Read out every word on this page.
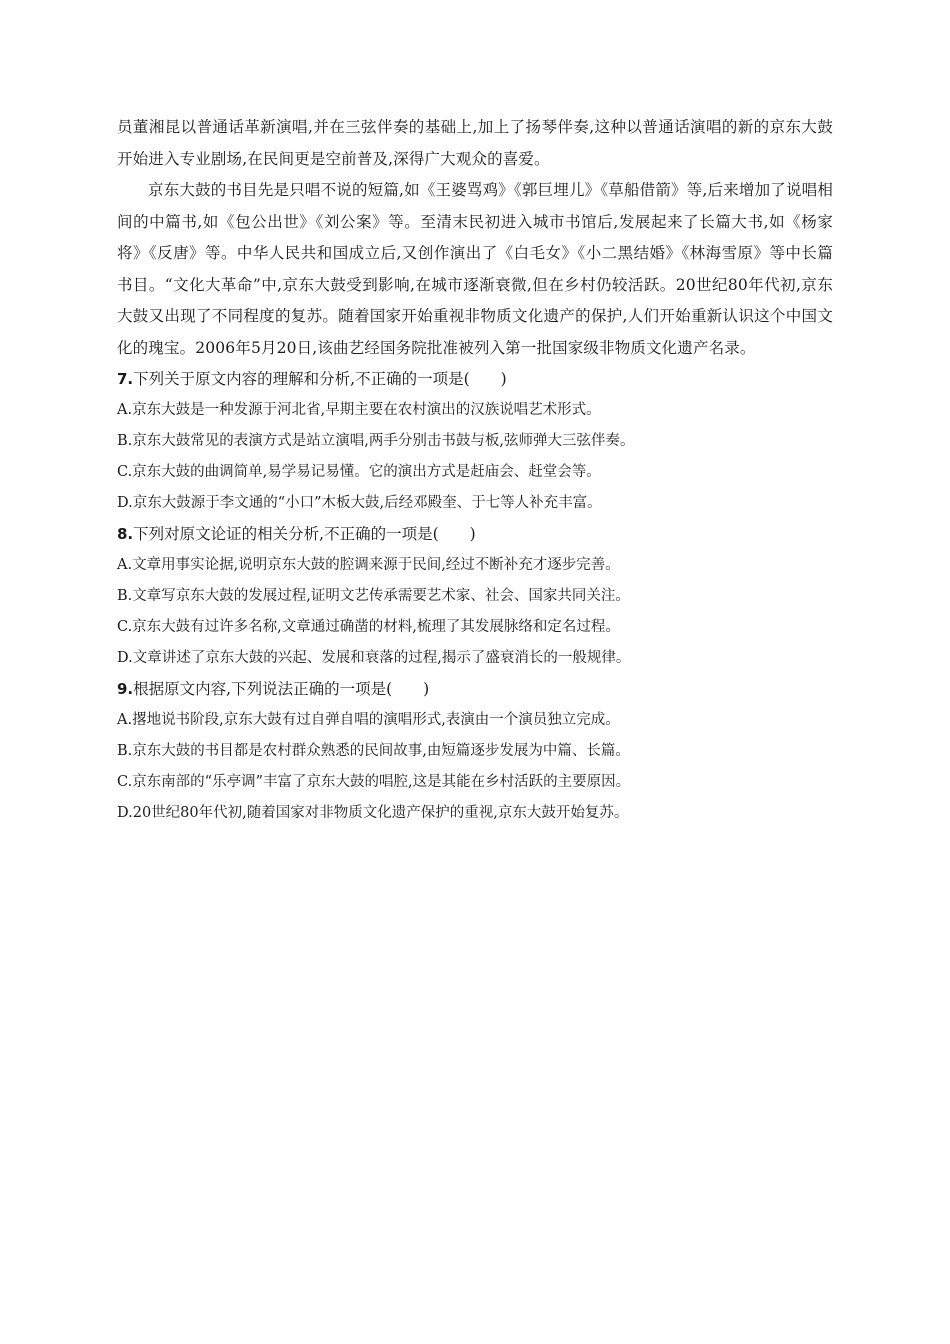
员董湘昆以普通话革新演唱,并在三弦伴奏的基础上,加上了扬琴伴奏,这种以普通话演唱的新的京东大鼓开始进入专业剧场,在民间更是空前普及,深得广大观众的喜爱。

京东大鼓的书目先是只唱不说的短篇,如《王婆骂鸡》《郭巨埋儿》《草船借箭》等,后来增加了说唱相间的中篇书,如《包公出世》《刘公案》等。至清末民初进入城市书馆后,发展起来了长篇大书,如《杨家将》《反唐》等。中华人民共和国成立后,又创作演出了《白毛女》《小二黑结婚》《林海雪原》等中长篇书目。“文化大革命”中,京东大鼓受到影响,在城市逐渐衰微,但在乡村仍较活跃。20世纪80年代初,京东大鼓又出现了不同程度的复苏。随着国家开始重视非物质文化遗产的保护,人们开始重新认识这个中国文化的瑰宝。2006年5月20日,该曲艺经国务院批准被列入第一批国家级非物质文化遗产名录。

7.下列关于原文内容的理解和分析,不正确的一项是(　　)

A.京东大鼓是一种发源于河北省,早期主要在农村演出的汉族说唱艺术形式。

B.京东大鼓常见的表演方式是站立演唱,两手分别击书鼓与板,弦师弹大三弦伴奏。

C.京东大鼓的曲调简单,易学易记易懂。它的演出方式是赶庙会、赶堂会等。

D.京东大鼓源于李文通的“小口”木板大鼓,后经邓殿奎、于七等人补充丰富。

8.下列对原文论证的相关分析,不正确的一项是(　　)

A.文章用事实论据,说明京东大鼓的腔调来源于民间,经过不断补充才逐步完善。

B.文章写京东大鼓的发展过程,证明文艺传承需要艺术家、社会、国家共同关注。

C.京东大鼓有过许多名称,文章通过确凿的材料,梳理了其发展脉络和定名过程。

D.文章讲述了京东大鼓的兴起、发展和衰落的过程,揭示了盛衰消长的一般规律。

9.根据原文内容,下列说法正确的一项是(　　)

A.撂地说书阶段,京东大鼓有过自弹自唱的演唱形式,表演由一个演员独立完成。

B.京东大鼓的书目都是农村群众熟悉的民间故事,由短篇逐步发展为中篇、长篇。

C.京东南部的“乐亭调”丰富了京东大鼓的唱腔,这是其能在乡村活跃的主要原因。

D.20世纪80年代初,随着国家对非物质文化遗产保护的重视,京东大鼓开始复苏。
